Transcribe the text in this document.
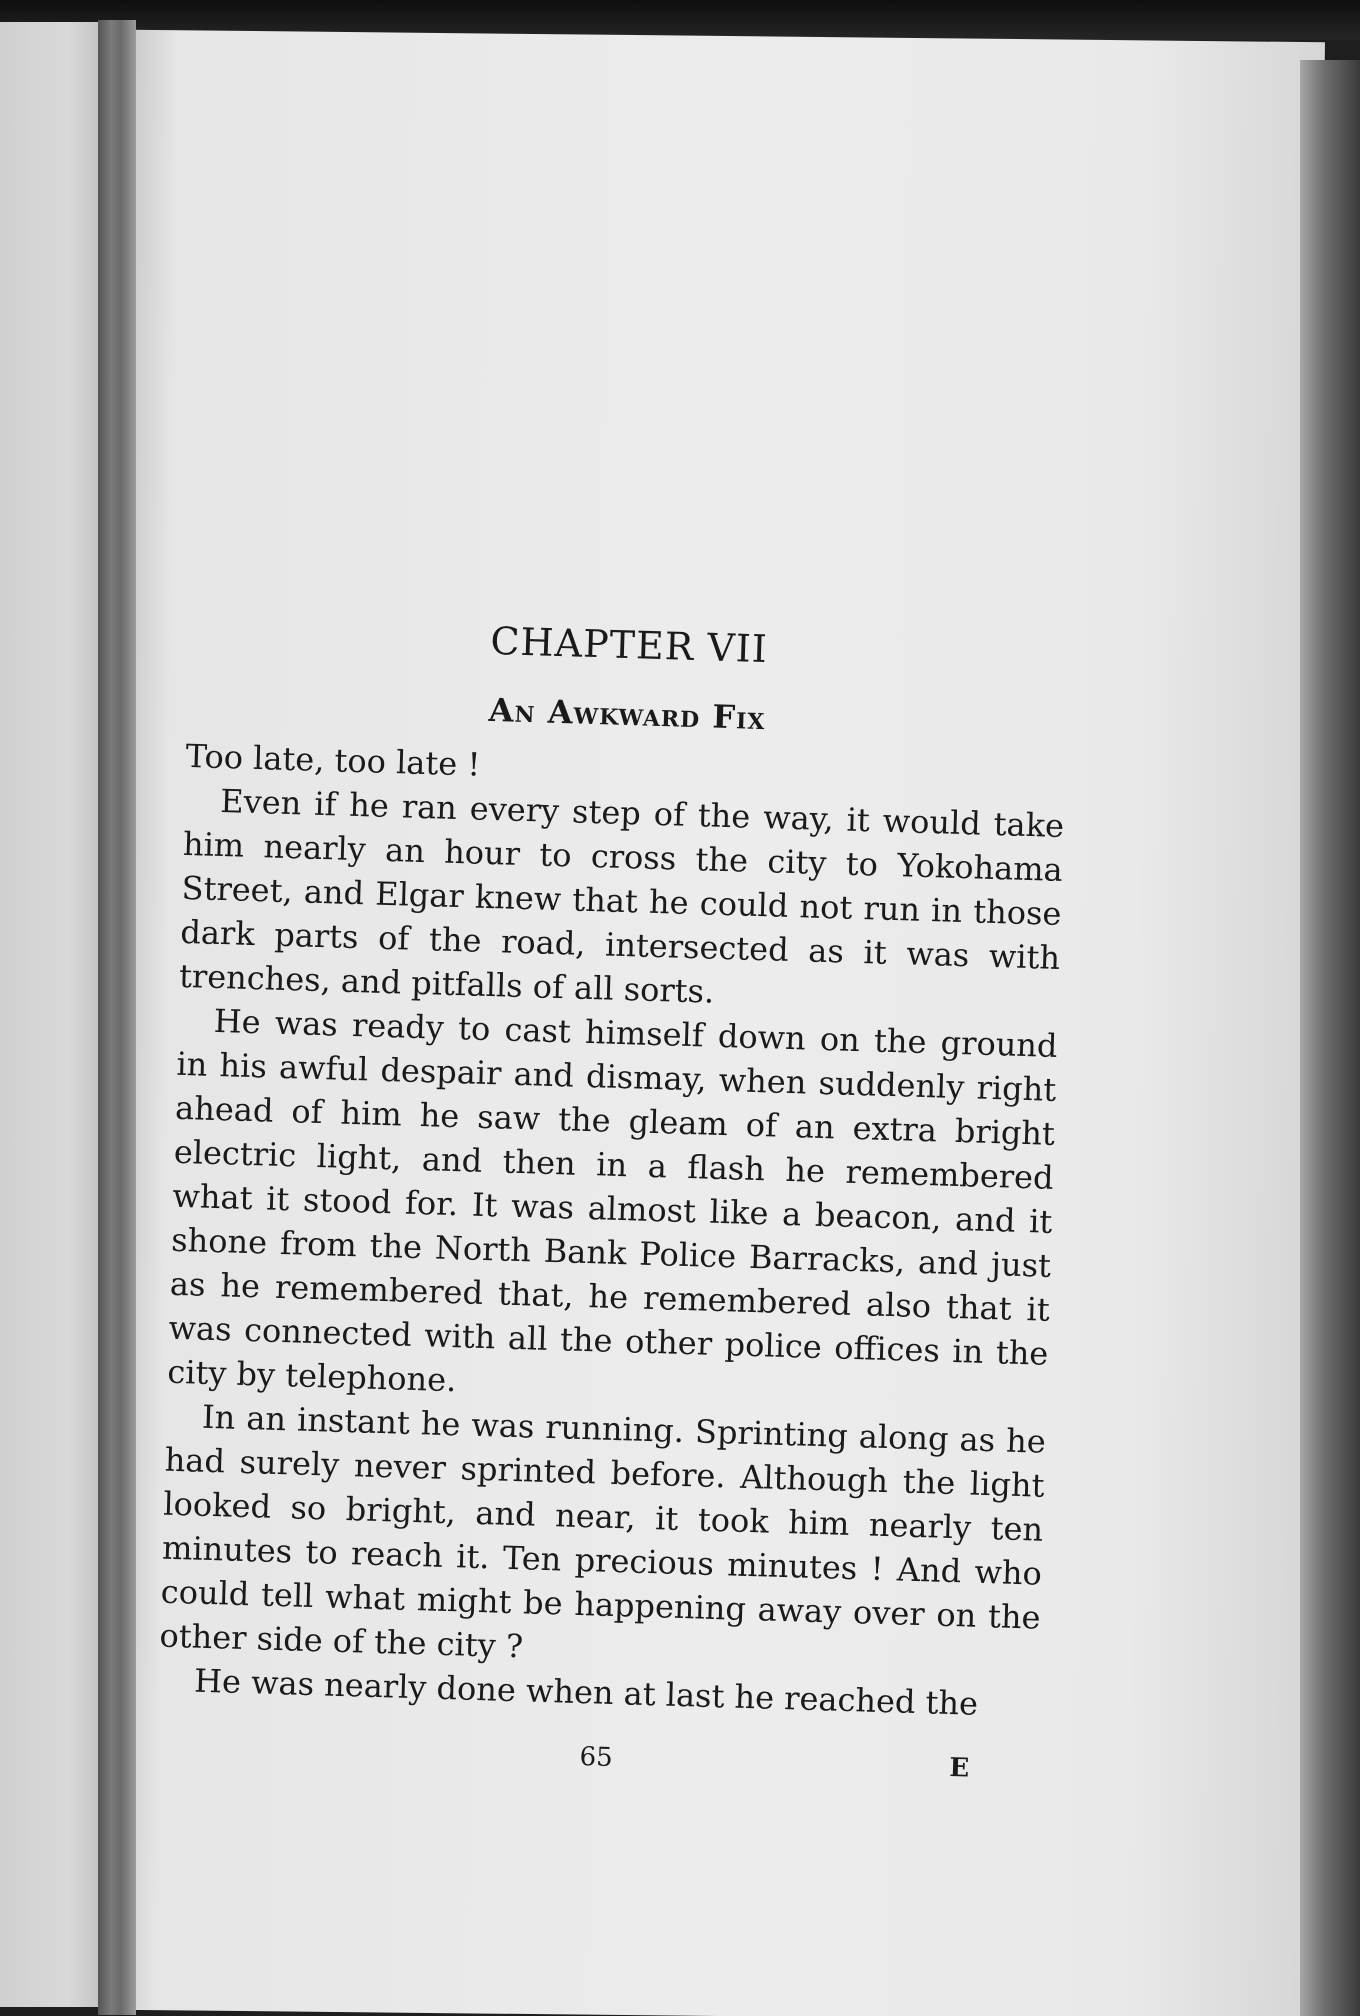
CHAPTER VII
An Awkward Fix

Too late, too late !

Even if he ran every step of the way, it would take him nearly an hour to cross the city to Yokohama Street, and Elgar knew that he could not run in those dark parts of the road, intersected as it was with trenches, and pitfalls of all sorts.

He was ready to cast himself down on the ground in his awful despair and dismay, when suddenly right ahead of him he saw the gleam of an extra bright electric light, and then in a flash he remembered what it stood for. It was almost like a beacon, and it shone from the North Bank Police Barracks, and just as he remembered that, he remembered also that it was connected with all the other police offices in the city by telephone.

In an instant he was running. Sprinting along as he had surely never sprinted before. Although the light looked so bright, and near, it took him nearly ten minutes to reach it. Ten precious minutes ! And who could tell what might be happening away over on the other side of the city ?

He was nearly done when at last he reached the

65	E
